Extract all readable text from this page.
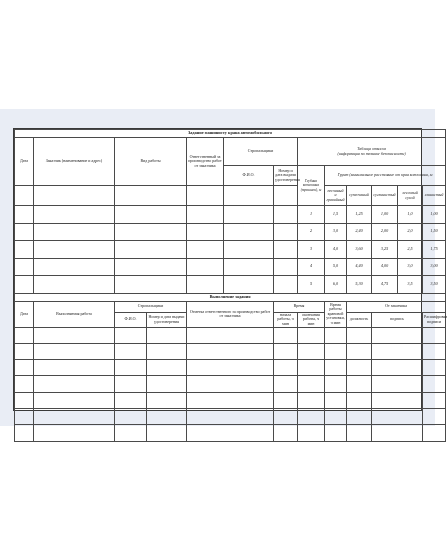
Задание машинисту крана автомобильного												
Дата	Заказчик (наименование и адрес)	Вид работы		Ответственный за производство работ от заказчика	Стропальщики		Таблица откосов
(информация по технике безопасности)					
					Ф.И.О.	Номер и дата выдачи удостоверения	Глубина котлована (траншеи), м	Грунт (минимальное расстояние от края котлована, м				
								песчаный и гравийный	супесчаный	суглинистый	лессовый сухой	глинистый
							1	1,5	1,25	1,00	1,0	1,00
							2	3,0	2,40	2,00	2,0	1,50
							3	4,0	3,60	3,25	2,5	1,75
							4	5,0	4,40	4,00	3,0	3,00
							5	6,0	5,30	4,75	3,5	3,50
Выполнение задания												
Дата	Выполняемая работа	Стропальщики		Отметка ответственного за производство работ от заказчика		Время		Время работы крановой установки, ч мин	От заказчика			
		Ф.И.О.	Номер и дата выдачи удостоверения			начала работы, ч мин	окончания работы, ч мин		должность	подпись		Расшифровка подписи
